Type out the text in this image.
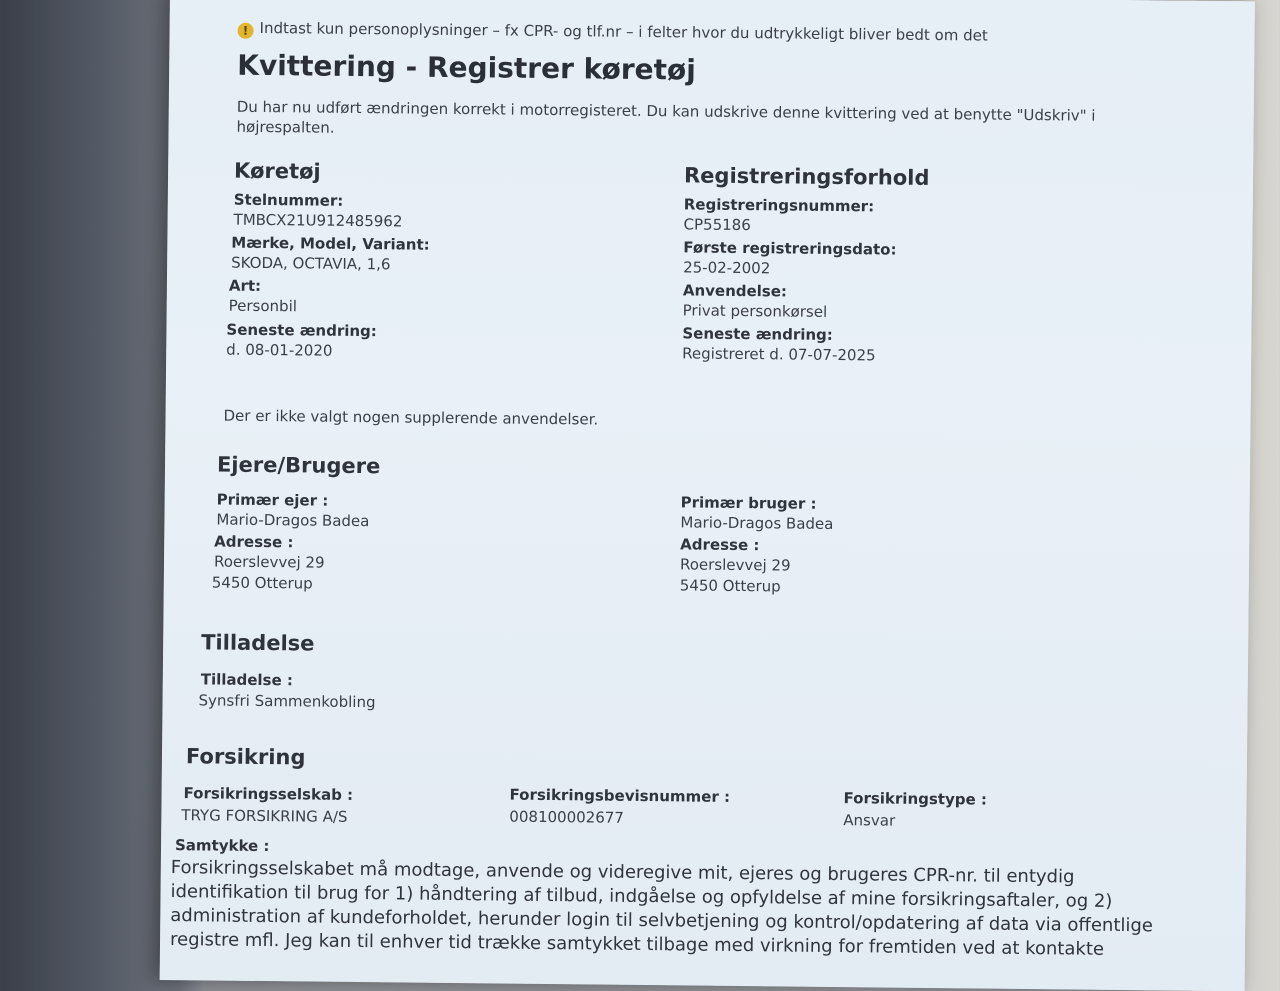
! Indtast kun personoplysninger – fx CPR- og tlf.nr – i felter hvor du udtrykkeligt bliver bedt om det
Kvittering - Registrer køretøj
Du har nu udført ændringen korrekt i motorregisteret. Du kan udskrive denne kvittering ved at benytte "Udskriv" i højrespalten.
Køretøj
Stelnummer:
TMBCX21U912485962
Mærke, Model, Variant:
SKODA, OCTAVIA, 1,6
Art:
Personbil
Seneste ændring:
d. 08-01-2020
Registreringsforhold
Registreringsnummer:
CP55186
Første registreringsdato:
25-02-2002
Anvendelse:
Privat personkørsel
Seneste ændring:
Registreret d. 07-07-2025
Der er ikke valgt nogen supplerende anvendelser.
Ejere/Brugere
Primær ejer :
Mario-Dragos Badea
Adresse :
Roerslevvej 29
5450 Otterup
Primær bruger :
Mario-Dragos Badea
Adresse :
Roerslevvej 29
5450 Otterup
Tilladelse
Tilladelse :
Synsfri Sammenkobling
Forsikring
Forsikringsselskab :
TRYG FORSIKRING A/S
Forsikringsbevisnummer :
008100002677
Forsikringstype :
Ansvar
Samtykke :
Forsikringsselskabet må modtage, anvende og videregive mit, ejeres og brugeres CPR-nr. til entydig identifikation til brug for 1) håndtering af tilbud, indgåelse og opfyldelse af mine forsikringsaftaler, og 2) administration af kundeforholdet, herunder login til selvbetjening og kontrol/opdatering af data via offentlige registre mfl. Jeg kan til enhver tid trække samtykket tilbage med virkning for fremtiden ved at kontakte
